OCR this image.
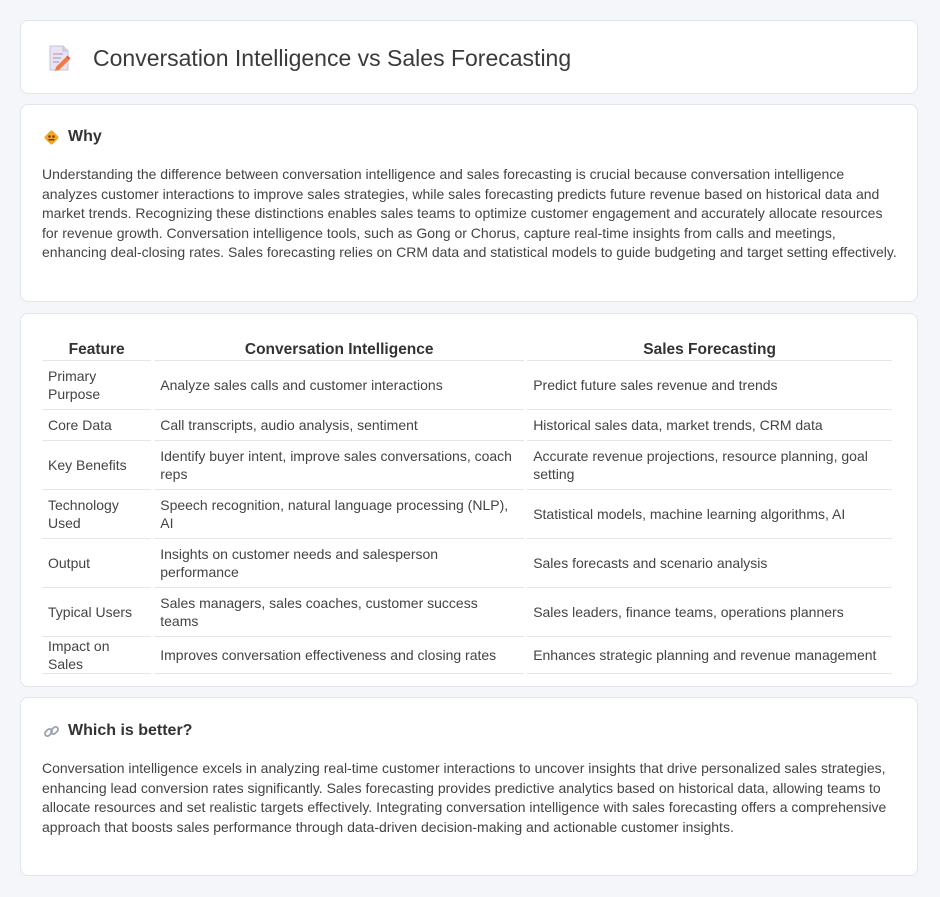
Conversation Intelligence vs Sales Forecasting
Why

Understanding the difference between conversation intelligence and sales forecasting is crucial because conversation intelligence analyzes customer interactions to improve sales strategies, while sales forecasting predicts future revenue based on historical data and market trends. Recognizing these distinctions enables sales teams to optimize customer engagement and accurately allocate resources for revenue growth. Conversation intelligence tools, such as Gong or Chorus, capture real-time insights from calls and meetings, enhancing deal-closing rates. Sales forecasting relies on CRM data and statistical models to guide budgeting and target setting effectively.

Feature	Conversation Intelligence	Sales Forecasting
Primary Purpose	Analyze sales calls and customer interactions	Predict future sales revenue and trends
Core Data	Call transcripts, audio analysis, sentiment	Historical sales data, market trends, CRM data
Key Benefits	Identify buyer intent, improve sales conversations, coach reps	Accurate revenue projections, resource planning, goal setting
Technology Used	Speech recognition, natural language processing (NLP), AI	Statistical models, machine learning algorithms, AI
Output	Insights on customer needs and salesperson performance	Sales forecasts and scenario analysis
Typical Users	Sales managers, sales coaches, customer success teams	Sales leaders, finance teams, operations planners
Impact on Sales	Improves conversation effectiveness and closing rates	Enhances strategic planning and revenue management
Which is better?

Conversation intelligence excels in analyzing real-time customer interactions to uncover insights that drive personalized sales strategies, enhancing lead conversion rates significantly. Sales forecasting provides predictive analytics based on historical data, allowing teams to allocate resources and set realistic targets effectively. Integrating conversation intelligence with sales forecasting offers a comprehensive approach that boosts sales performance through data-driven decision-making and actionable customer insights.
